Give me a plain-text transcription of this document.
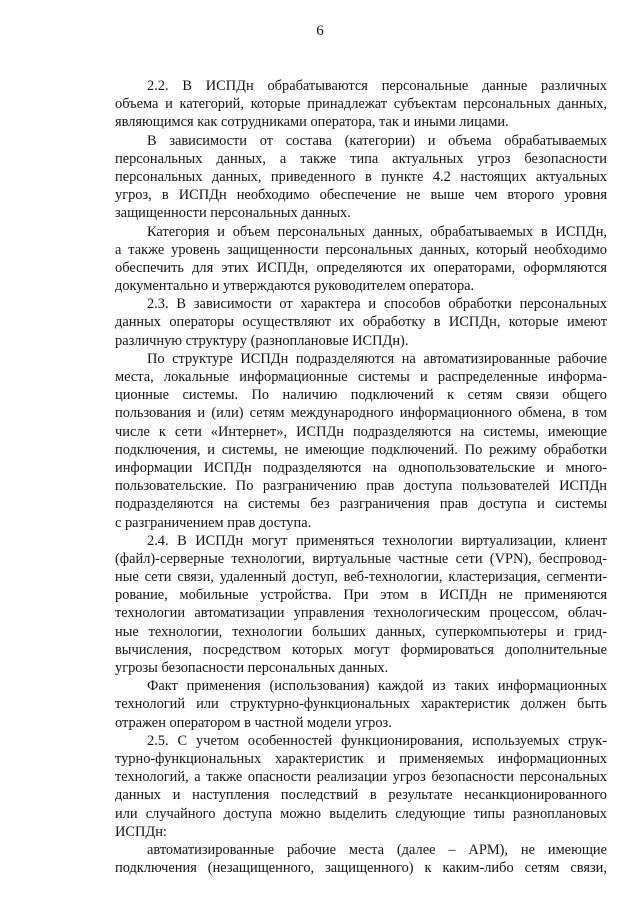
6
2.2. В ИСПДн обрабатываются персональные данные различных
объема и категорий, которые принадлежат субъектам персональных данных,
являющимся как сотрудниками оператора, так и иными лицами.
В зависимости от состава (категории) и объема обрабатываемых
персональных данных, а также типа актуальных угроз безопасности
персональных данных, приведенного в пункте 4.2 настоящих актуальных
угроз, в ИСПДн необходимо обеспечение не выше чем второго уровня
защищенности персональных данных.
Категория и объем персональных данных, обрабатываемых в ИСПДн,
а также уровень защищенности персональных данных, который необходимо
обеспечить для этих ИСПДн, определяются их операторами, оформляются
документально и утверждаются руководителем оператора.
2.3. В зависимости от характера и способов обработки персональных
данных операторы осуществляют их обработку в ИСПДн, которые имеют
различную структуру (разноплановые ИСПДн).
По структуре ИСПДн подразделяются на автоматизированные рабочие
места, локальные информационные системы и распределенные информа-
ционные системы. По наличию подключений к сетям связи общего
пользования и (или) сетям международного информационного обмена, в том
числе к сети «Интернет», ИСПДн подразделяются на системы, имеющие
подключения, и системы, не имеющие подключений. По режиму обработки
информации ИСПДн подразделяются на однопользовательские и много-
пользовательские. По разграничению прав доступа пользователей ИСПДн
подразделяются на системы без разграничения прав доступа и системы
с разграничением прав доступа.
2.4. В ИСПДн могут применяться технологии виртуализации, клиент
(файл)-серверные технологии, виртуальные частные сети (VPN), беспровод-
ные сети связи, удаленный доступ, веб-технологии, кластеризация, сегменти-
рование, мобильные устройства. При этом в ИСПДн не применяются
технологии автоматизации управления технологическим процессом, облач-
ные технологии, технологии больших данных, суперкомпьютеры и грид-
вычисления, посредством которых могут формироваться дополнительные
угрозы безопасности персональных данных.
Факт применения (использования) каждой из таких информационных
технологий или структурно-функциональных характеристик должен быть
отражен оператором в частной модели угроз.
2.5. С учетом особенностей функционирования, используемых струк-
турно-функциональных характеристик и применяемых информационных
технологий, а также опасности реализации угроз безопасности персональных
данных и наступления последствий в результате несанкционированного
или случайного доступа можно выделить следующие типы разноплановых
ИСПДн:
автоматизированные рабочие места (далее – АРМ), не имеющие
подключения (незащищенного, защищенного) к каким-либо сетям связи,
